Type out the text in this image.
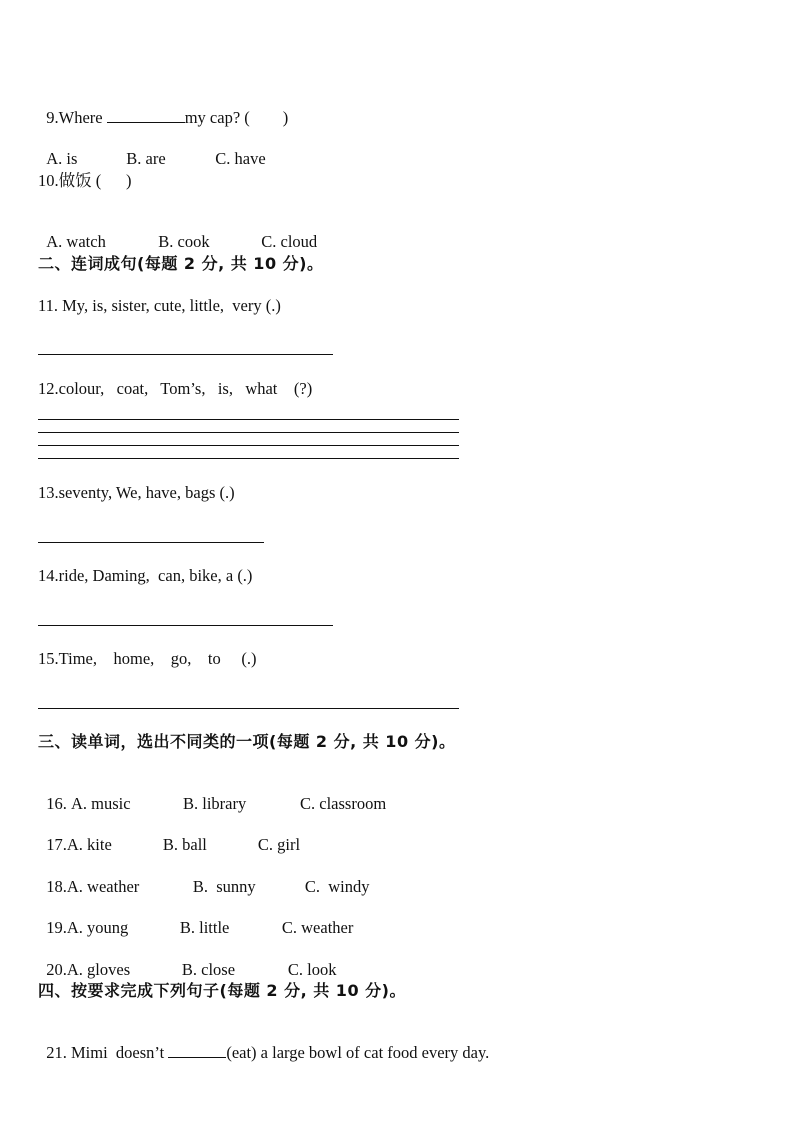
9.Where	my cap? (        )

A. is	B. are	C. have

10.做饭 (      )

A. watch	B. cook	C. cloud

二、连词成句(每题 2 分, 共 10 分)。
11. My, is, sister, cute, little,  very (.)
12.colour,   coat,   Tom’s,   is,   what    (?)
13.seventy, We, have, bags (.)
14.ride, Daming,  can, bike, a (.)
15.Time,    home,    go,    to     (.)
三、读单词，选出不同类的一项(每题 2 分, 共 10 分)。

16. A. music	B. library	C. classroom

17.A. kite	B. ball	C. girl

18.A. weather	B.  sunny	C.  windy

19.A. young	B. little	C. weather

20.A. gloves	B. close	C. look

四、按要求完成下列句子(每题 2 分, 共 10 分)。

21. Mimi  doesn’t	(eat) a large bowl of cat food every day.
